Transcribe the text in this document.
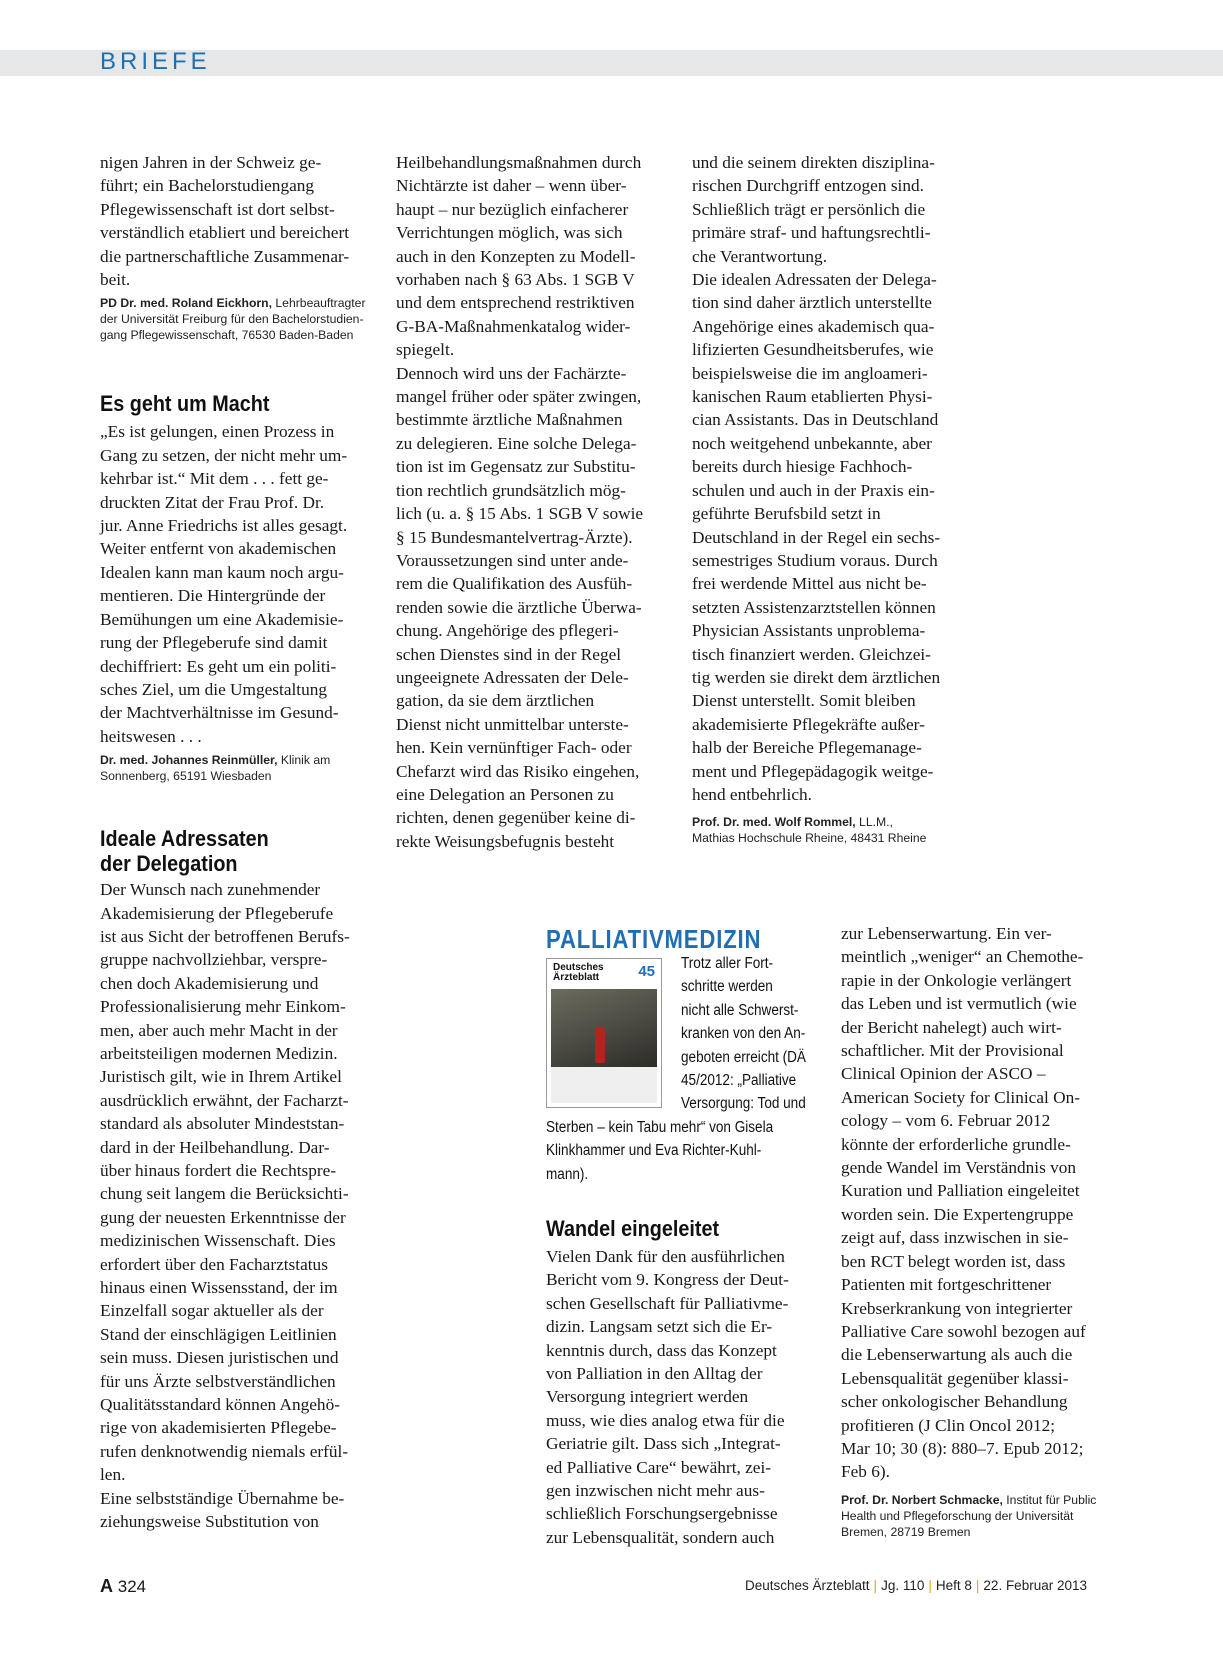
BRIEFE
nigen Jahren in der Schweiz ge-
führt; ein Bachelorstudiengang
Pflegewissenschaft ist dort selbst-
verständlich etabliert und bereichert
die partnerschaftliche Zusammenar-
beit.
PD Dr. med. Roland Eickhorn, Lehrbeauftragter
der Universität Freiburg für den Bachelorstudien-
gang Pflegewissenschaft, 76530 Baden-Baden
Es geht um Macht
„Es ist gelungen, einen Prozess in
Gang zu setzen, der nicht mehr um-
kehrbar ist.“ Mit dem . . . fett ge-
druckten Zitat der Frau Prof. Dr.
jur. Anne Friedrichs ist alles gesagt.
Weiter entfernt von akademischen
Idealen kann man kaum noch argu-
mentieren. Die Hintergründe der
Bemühungen um eine Akademisie-
rung der Pflegeberufe sind damit
dechiffriert: Es geht um ein politi-
sches Ziel, um die Umgestaltung
der Machtverhältnisse im Gesund-
heitswesen . . .
Dr. med. Johannes Reinmüller, Klinik am
Sonnenberg, 65191 Wiesbaden
Ideale Adressaten
der Delegation
Der Wunsch nach zunehmender
Akademisierung der Pflegeberufe
ist aus Sicht der betroffenen Berufs-
gruppe nachvollziehbar, verspre-
chen doch Akademisierung und
Professionalisierung mehr Einkom-
men, aber auch mehr Macht in der
arbeitsteiligen modernen Medizin.
Juristisch gilt, wie in Ihrem Artikel
ausdrücklich erwähnt, der Facharzt-
standard als absoluter Mindeststan-
dard in der Heilbehandlung. Dar-
über hinaus fordert die Rechtspre-
chung seit langem die Berücksichti-
gung der neuesten Erkenntnisse der
medizinischen Wissenschaft. Dies
erfordert über den Facharztstatus
hinaus einen Wissensstand, der im
Einzelfall sogar aktueller als der
Stand der einschlägigen Leitlinien
sein muss. Diesen juristischen und
für uns Ärzte selbstverständlichen
Qualitätsstandard können Angehö-
rige von akademisierten Pflegebe-
rufen denknotwendig niemals erfül-
len.
Eine selbstständige Übernahme be-
ziehungsweise Substitution von
Heilbehandlungsmaßnahmen durch
Nichtärzte ist daher – wenn über-
haupt – nur bezüglich einfacherer
Verrichtungen möglich, was sich
auch in den Konzepten zu Modell-
vorhaben nach § 63 Abs. 1 SGB V
und dem entsprechend restriktiven
G-BA-Maßnahmenkatalog wider-
spiegelt.
Dennoch wird uns der Fachärzte-
mangel früher oder später zwingen,
bestimmte ärztliche Maßnahmen
zu delegieren. Eine solche Delega-
tion ist im Gegensatz zur Substitu-
tion rechtlich grundsätzlich mög-
lich (u. a. § 15 Abs. 1 SGB V sowie
§ 15 Bundesmantelvertrag-Ärzte).
Voraussetzungen sind unter ande-
rem die Qualifikation des Ausfüh-
renden sowie die ärztliche Überwa-
chung. Angehörige des pflegeri-
schen Dienstes sind in der Regel
ungeeignete Adressaten der Dele-
gation, da sie dem ärztlichen
Dienst nicht unmittelbar unterste-
hen. Kein vernünftiger Fach- oder
Chefarzt wird das Risiko eingehen,
eine Delegation an Personen zu
richten, denen gegenüber keine di-
rekte Weisungsbefugnis besteht
und die seinem direkten disziplina-
rischen Durchgriff entzogen sind.
Schließlich trägt er persönlich die
primäre straf- und haftungsrechtli-
che Verantwortung.
Die idealen Adressaten der Delega-
tion sind daher ärztlich unterstellte
Angehörige eines akademisch qua-
lifizierten Gesundheitsberufes, wie
beispielsweise die im angloameri-
kanischen Raum etablierten Physi-
cian Assistants. Das in Deutschland
noch weitgehend unbekannte, aber
bereits durch hiesige Fachhoch-
schulen und auch in der Praxis ein-
geführte Berufsbild setzt in
Deutschland in der Regel ein sechs-
semestriges Studium voraus. Durch
frei werdende Mittel aus nicht be-
setzten Assistenzarztstellen können
Physician Assistants unproblema-
tisch finanziert werden. Gleichzei-
tig werden sie direkt dem ärztlichen
Dienst unterstellt. Somit bleiben
akademisierte Pflegekräfte außer-
halb der Bereiche Pflegemanage-
ment und Pflegepädagogik weitge-
hend entbehrlich.
Prof. Dr. med. Wolf Rommel, LL.M.,
Mathias Hochschule Rheine, 48431 Rheine
PALLIATIVMEDIZIN
Deutsches Ärzteblatt	45 Trotz aller Fort-
schritte werden
nicht alle Schwerst-
kranken von den An-
geboten erreicht (DÄ
45/2012: „Palliative
Versorgung: Tod und
Sterben – kein Tabu mehr“ von Gisela
Klinkhammer und Eva Richter-Kuhl-
mann).
Wandel eingeleitet
Vielen Dank für den ausführlichen
Bericht vom 9. Kongress der Deut-
schen Gesellschaft für Palliativme-
dizin. Langsam setzt sich die Er-
kenntnis durch, dass das Konzept
von Palliation in den Alltag der
Versorgung integriert werden
muss, wie dies analog etwa für die
Geriatrie gilt. Dass sich „Integrat-
ed Palliative Care“ bewährt, zei-
gen inzwischen nicht mehr aus-
schließlich Forschungsergebnisse
zur Lebensqualität, sondern auch
zur Lebenserwartung. Ein ver-
meintlich „weniger“ an Chemothe-
rapie in der Onkologie verlängert
das Leben und ist vermutlich (wie
der Bericht nahelegt) auch wirt-
schaftlicher. Mit der Provisional
Clinical Opinion der ASCO –
American Society for Clinical On-
cology – vom 6. Februar 2012
könnte der erforderliche grundle-
gende Wandel im Verständnis von
Kuration und Palliation eingeleitet
worden sein. Die Expertengruppe
zeigt auf, dass inzwischen in sie-
ben RCT belegt worden ist, dass
Patienten mit fortgeschrittener
Krebserkrankung von integrierter
Palliative Care sowohl bezogen auf
die Lebenserwartung als auch die
Lebensqualität gegenüber klassi-
scher onkologischer Behandlung
profitieren (J Clin Oncol 2012;
Mar 10; 30 (8): 880–7. Epub 2012;
Feb 6).
Prof. Dr. Norbert Schmacke, Institut für Public
Health und Pflegeforschung der Universität
Bremen, 28719 Bremen
A 324	Deutsches Ärzteblatt | Jg. 110 | Heft 8 | 22. Februar 2013
